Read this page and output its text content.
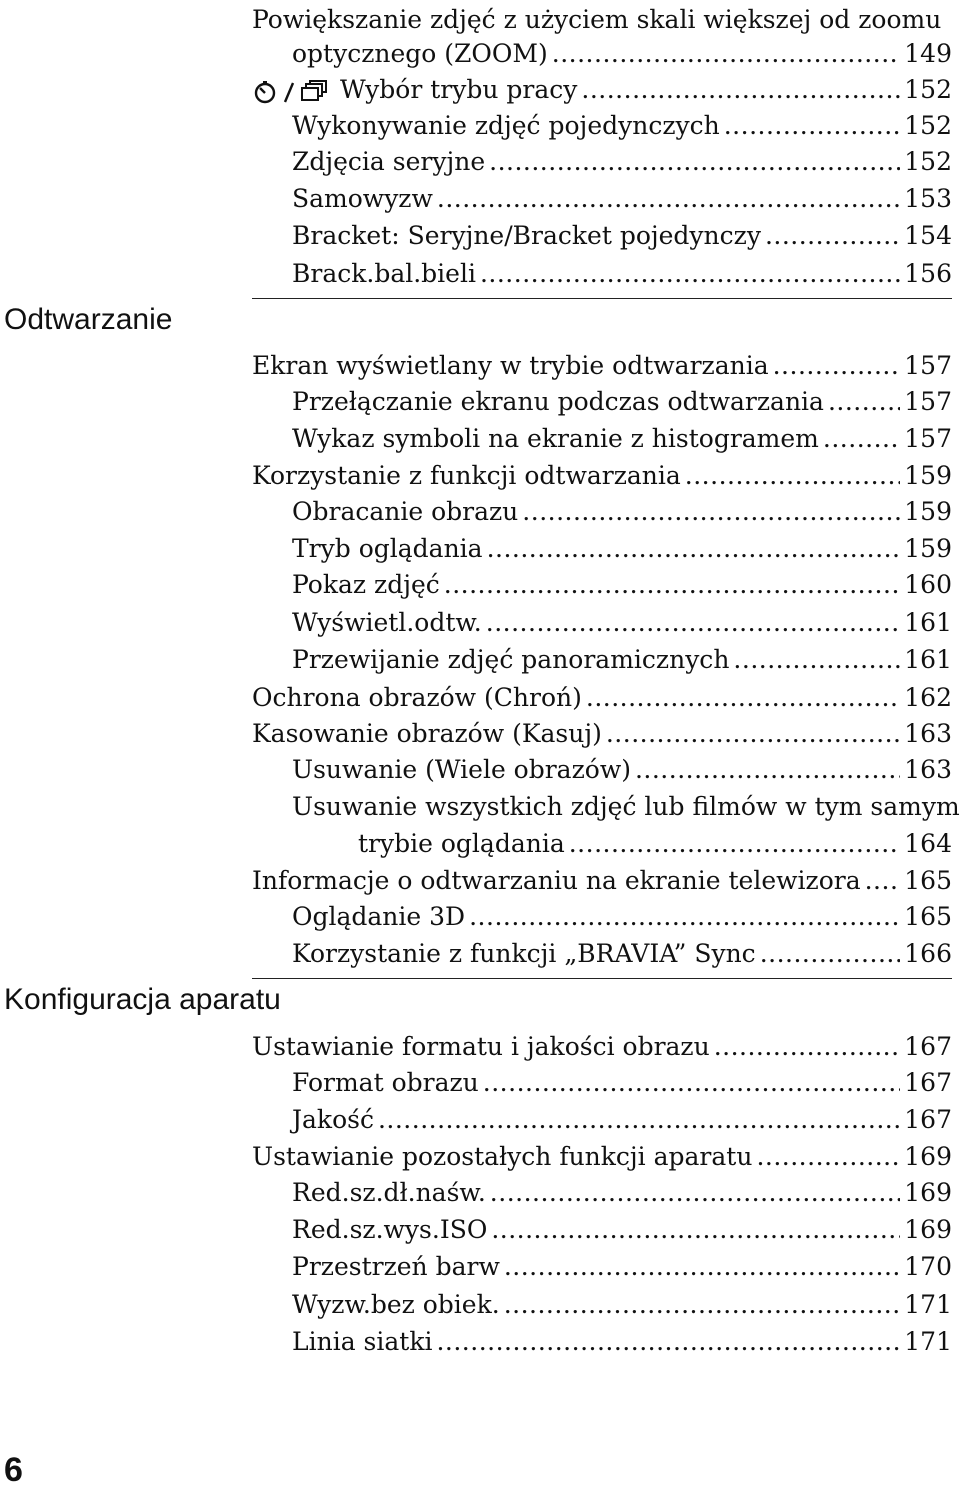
Powiększanie zdjęć z użyciem skali większej od zoomu
optycznego (ZOOM) .....	149
Wybór trybu pracy .....	152
Wykonywanie zdjęć pojedynczych .....	152
Zdjęcia seryjne .....	152
Samowyzw .....	153
Bracket: Seryjne/Bracket pojedynczy .....	154
Brack.bal.bieli .....	156
Odtwarzanie
Ekran wyświetlany w trybie odtwarzania .....	157
Przełączanie ekranu podczas odtwarzania .....	157
Wykaz symboli na ekranie z histogramem .....	157
Korzystanie z funkcji odtwarzania .....	159
Obracanie obrazu .....	159
Tryb oglądania .....	159
Pokaz zdjęć .....	160
Wyświetl.odtw. .....	161
Przewijanie zdjęć panoramicznych .....	161
Ochrona obrazów (Chroń) .....	162
Kasowanie obrazów (Kasuj) .....	163
Usuwanie (Wiele obrazów) .....	163
Usuwanie wszystkich zdjęć lub filmów w tym samym
trybie oglądania .....	164
Informacje o odtwarzaniu na ekranie telewizora ..... 165
Oglądanie 3D .....	165
Korzystanie z funkcji „BRAVIA” Sync .....	166
Konfiguracja aparatu
Ustawianie formatu i jakości obrazu .....	167
Format obrazu .....	167
Jakość .....	167
Ustawianie pozostałych funkcji aparatu .....	169
Red.sz.dł.naśw. .....	169
Red.sz.wys.ISO .....	169
Przestrzeń barw .....	170
Wyzw.bez obiek. .....	171
Linia siatki .....	171
6
